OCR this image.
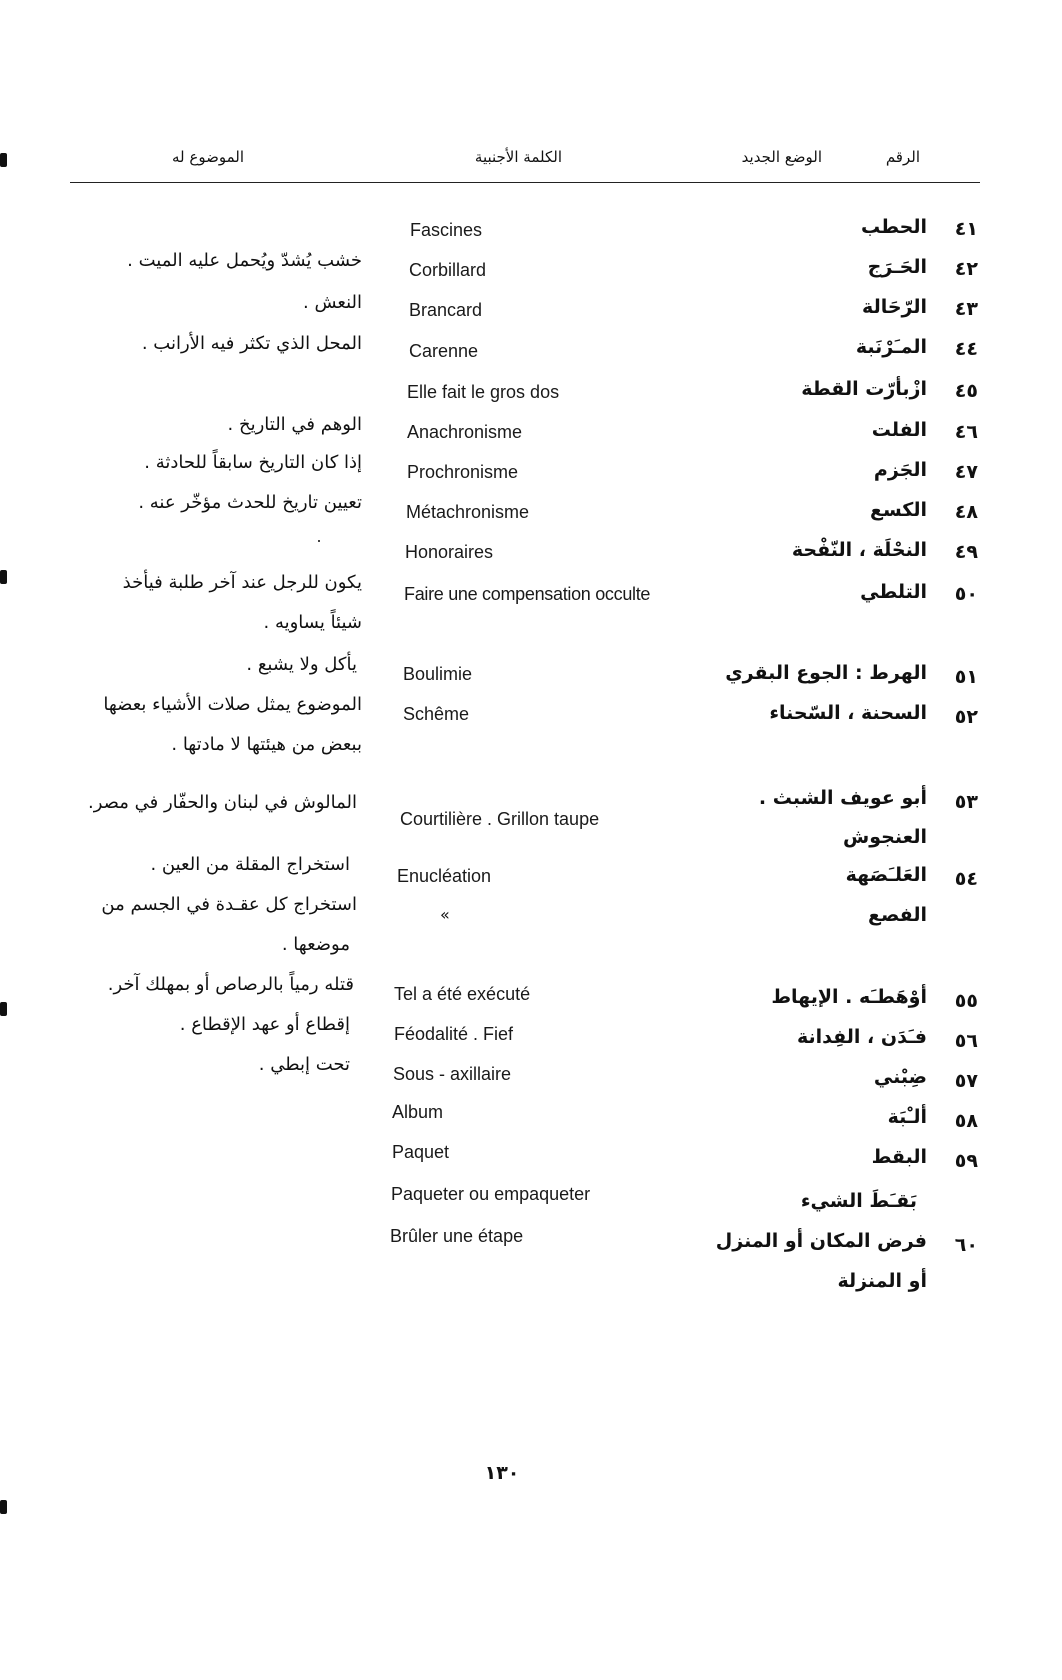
الرقم
الوضع الجديد
الكلمة الأجنبية
الموضوع له
٤١
الحطب
Fascines
٤٢
الحَـرَج
Corbillard
خشب يُشدّ ويُحمل عليه الميت .
٤٣
الرّحَالة
Brancard
النعش .
٤٤
المـَرْنَبة
Carenne
المحل الذي تكثر فيه الأرانب .
٤٥
ازْبأرّت القطة
Elle fait le gros dos
٤٦
الفلت
Anachronisme
الوهم في التاريخ .
٤٧
الجَزم
Prochronisme
إذا كان التاريخ سابقاً للحادثة .
٤٨
الكسع
Métachronisme
تعيين تاريخ للحدث مؤخّر عنه .
٤٩
النحْلَة ، النّفْحة
Honoraires
٥٠
التلطي
Faire une compensation occulte
يكون للرجل عند آخر طلبة فيأخذ
شيئاً يساويه .
٥١
الهرط : الجوع البقري
Boulimie
يأكل ولا يشبع .
٥٢
السحنة ، السّحناء
Schême
الموضوع يمثل صلات الأشياء بعضها
ببعض من هيئتها لا مادتها .
٥٣
أبو عويف الشبث .
العنجوش
Courtilière . Grillon taupe
المالوش في لبنان والحفّار في مصر.
٥٤
العَلـَصَهة
الفصع
Enucléation
«
استخراج المقلة من العين .
استخراج كل عقـدة في الجسم من
موضعها .
٥٥
أوْهَطـَه . الإيهاط
Tel a été exécuté
قتله رمياً بالرصاص أو بمهلك آخر.
٥٦
فـَدَن ، الفِدانة
Féodalité . Fief
إقطاع أو عهد الإقطاع .
٥٧
ضِبْني
Sous - axillaire
تحت إبطي .
٥٨
ألـْبَة
Album
٥٩
البقط
بَقـَطَ الشيء
Paquet
Paqueter ou empaqueter
٦٠
فرض المكان أو المنزل
أو المنزلة
Brûler une étape
١٣٠
